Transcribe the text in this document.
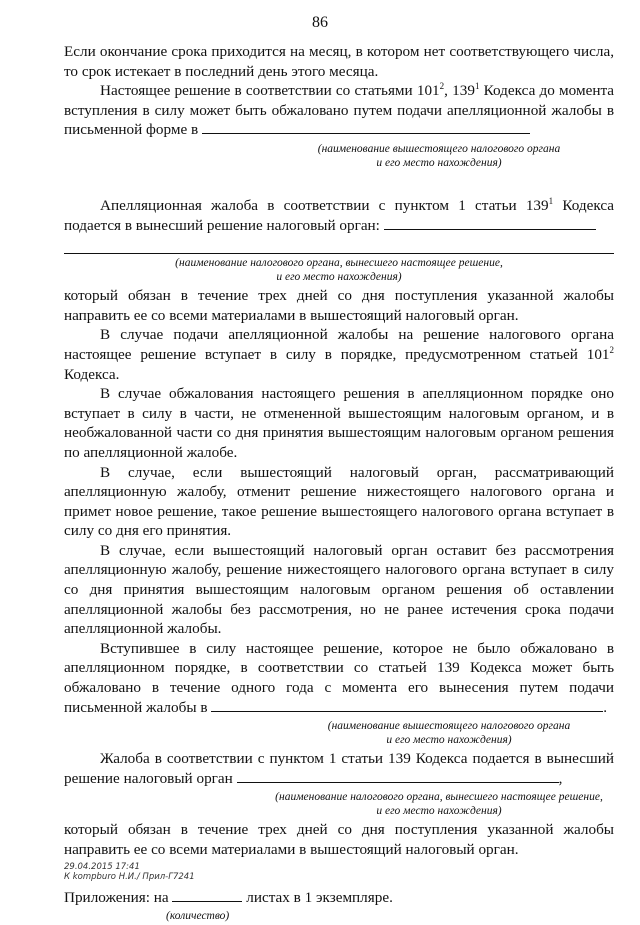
86

Если окончание срока приходится на месяц, в котором нет соответствующего числа, то срок истекает в последний день этого месяца.

Настоящее решение в соответствии со статьями $101^2$, $139^1$ Кодекса до момента вступления в силу может быть обжаловано путем подачи апелляционной жалобы в письменной форме в

(наименование вышестоящего налогового органа
и его место нахождения)

Апелляционная жалоба в соответствии с пунктом 1 статьи $139^1$ Кодекса подается в вынесший решение налоговый орган:

(наименование налогового органа, вынесшего настоящее решение,
и его место нахождения)

который обязан в течение трех дней со дня поступления указанной жалобы направить ее со всеми материалами в вышестоящий налоговый орган.

В случае подачи апелляционной жалобы на решение налогового органа настоящее решение вступает в силу в порядке, предусмотренном статьей $101^2$ Кодекса.

В случае обжалования настоящего решения в апелляционном порядке оно вступает в силу в части, не отмененной вышестоящим налоговым органом, и в необжалованной части со дня принятия вышестоящим налоговым органом решения по апелляционной жалобе.

В случае, если вышестоящий налоговый орган, рассматривающий апелляционную жалобу, отменит решение нижестоящего налогового органа и примет новое решение, такое решение вышестоящего налогового органа вступает в силу со дня его принятия.

В случае, если вышестоящий налоговый орган оставит без рассмотрения апелляционную жалобу, решение нижестоящего налогового органа вступает в силу со дня принятия вышестоящим налоговым органом решения об оставлении апелляционной жалобы без рассмотрения, но не ранее истечения срока подачи апелляционной жалобы.

Вступившее в силу настоящее решение, которое не было обжаловано в апелляционном порядке, в соответствии со статьей 139 Кодекса может быть обжаловано в течение одного года с момента его вынесения путем подачи письменной жалобы в	.

(наименование вышестоящего налогового органа
и его место нахождения)

Жалоба в соответствии с пунктом 1 статьи 139 Кодекса подается в вынесший решение налоговый орган	,

(наименование налогового органа, вынесшего настоящее решение,
и его место нахождения)

который обязан в течение трех дней со дня поступления указанной жалобы направить ее со всеми материалами в вышестоящий налоговый орган.

Приложения: на	листах в 1 экземпляре.

(количество)
29.04.2015 17:41
К kompburo Н.И./ Прил-Г7241
